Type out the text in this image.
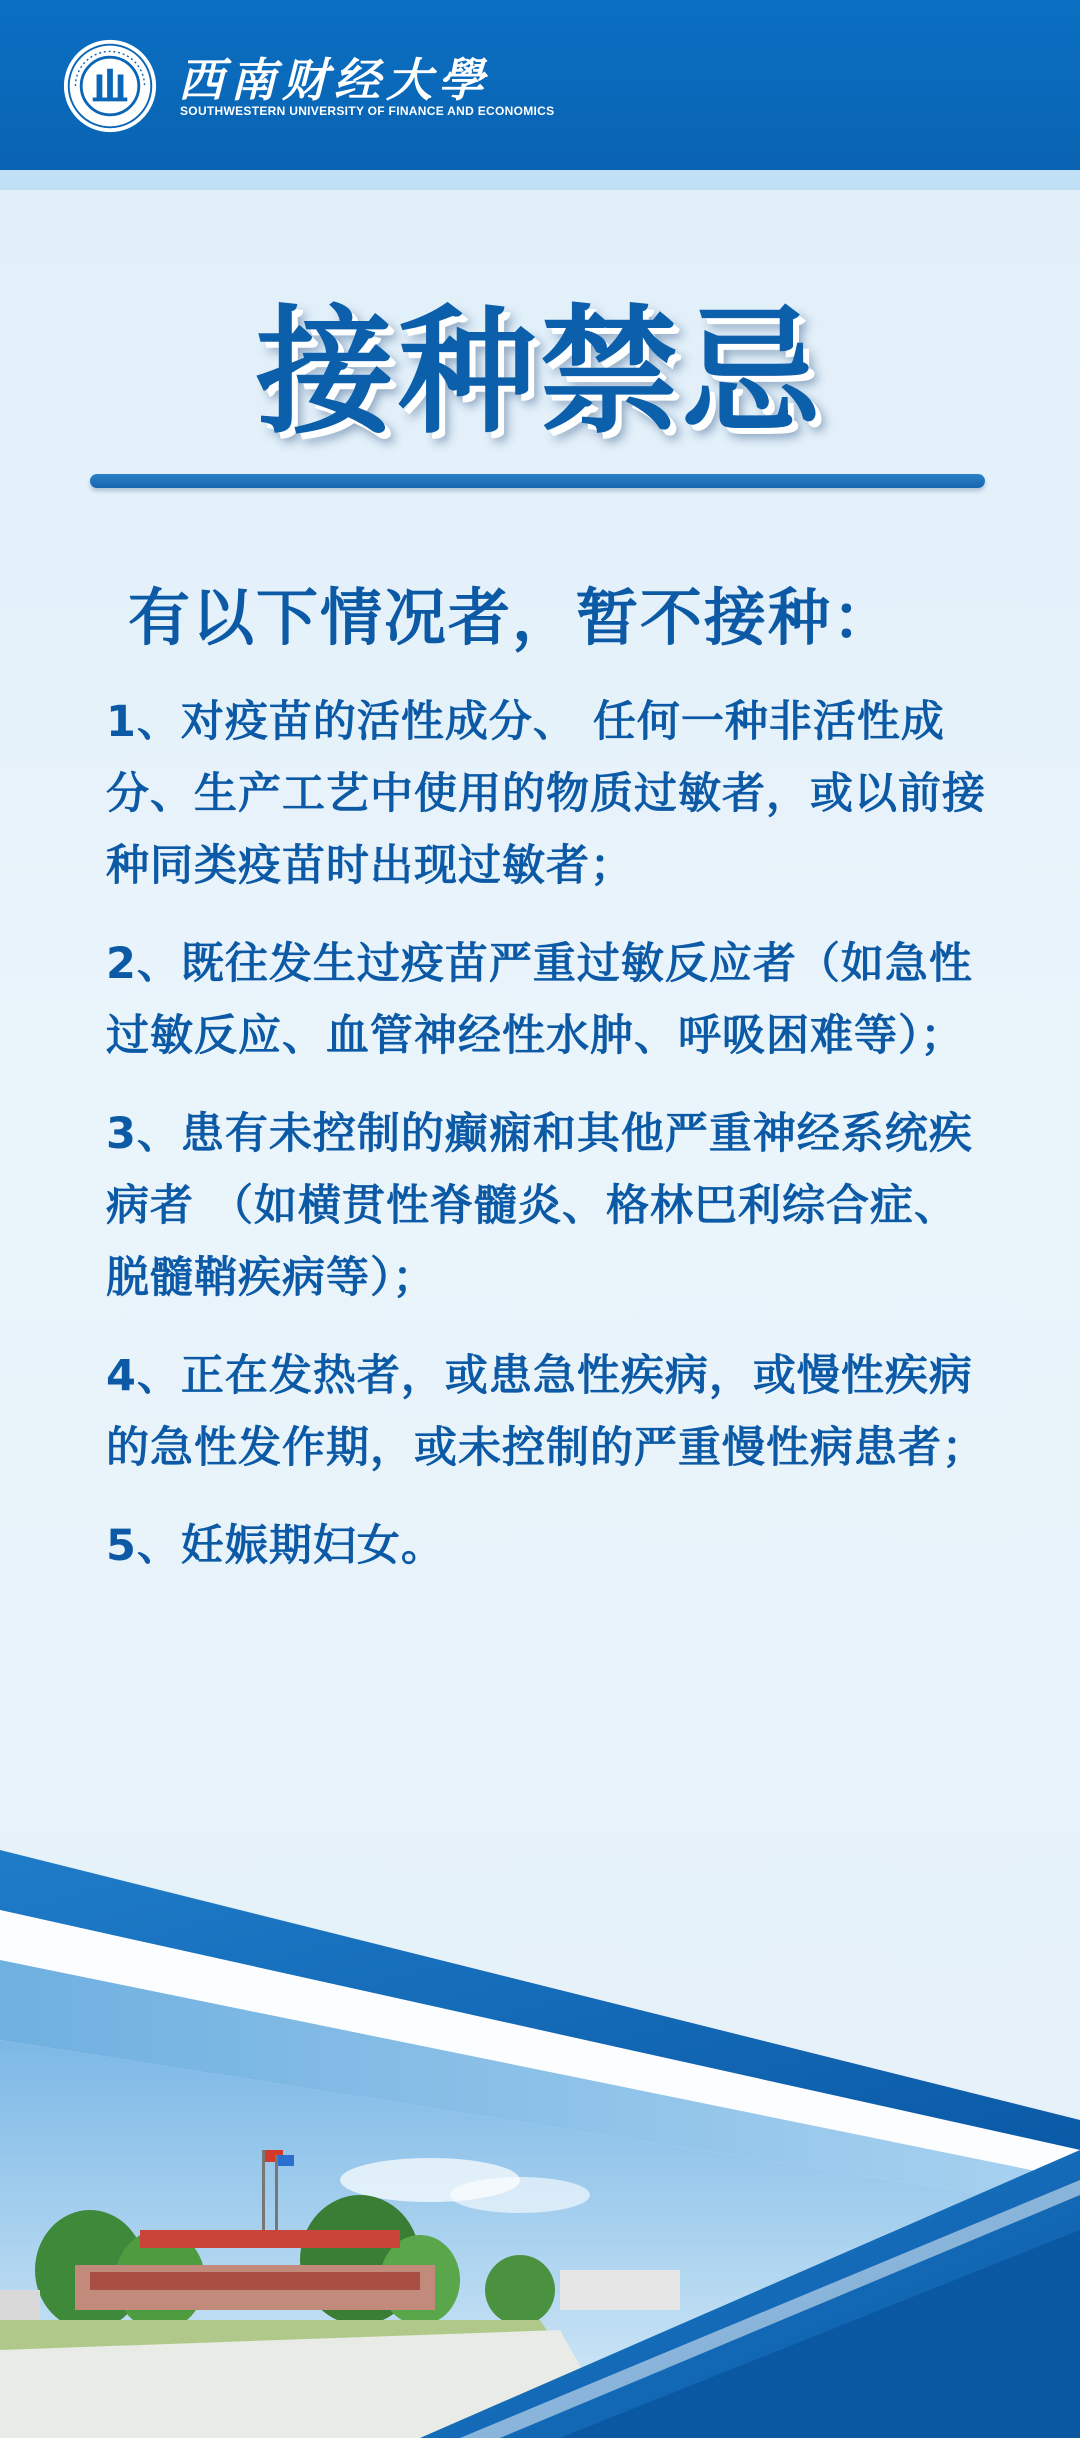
西南财经大學
SOUTHWESTERN UNIVERSITY OF FINANCE AND ECONOMICS
接种禁忌
有以下情况者，暂不接种：
1、对疫苗的活性成分、 任何一种非活性成分、生产工艺中使用的物质过敏者，或以前接种同类疫苗时出现过敏者；
2、既往发生过疫苗严重过敏反应者（如急性过敏反应、血管神经性水肿、呼吸困难等）；
3、患有未控制的癫痫和其他严重神经系统疾病者 （如横贯性脊髓炎、格林巴利综合症、脱髓鞘疾病等）；
4、正在发热者，或患急性疾病，或慢性疾病的急性发作期，或未控制的严重慢性病患者；
5、妊娠期妇女。
